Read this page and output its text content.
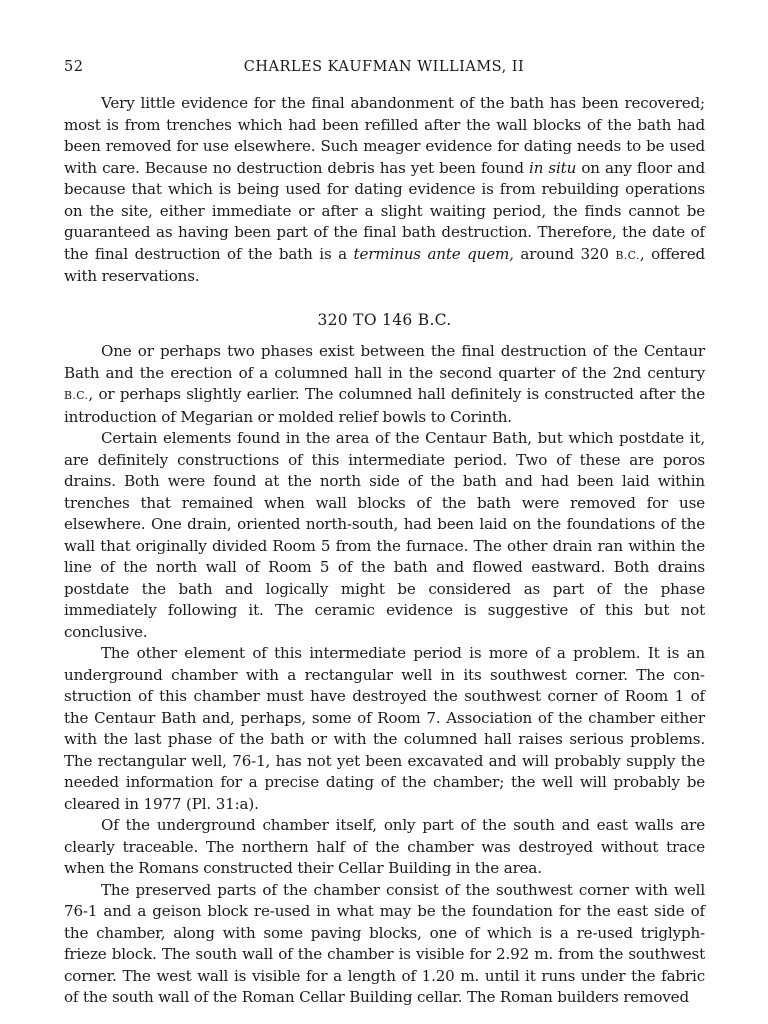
52	CHARLES KAUFMAN WILLIAMS, II

Very little evidence for the final abandonment of the bath has been recovered; most is from trenches which had been refilled after the wall blocks of the bath had been removed for use elsewhere. Such meager evidence for dating needs to be used with care. Because no destruction debris has yet been found in situ on any floor and because that which is being used for dating evidence is from rebuilding operations on the site, either immediate or after a slight waiting period, the finds cannot be guaranteed as having been part of the final bath destruction. Therefore, the date of the final destruction of the bath is a terminus ante quem, around 320 B.C., offered with reservations.

320 TO 146 B.C.

One or perhaps two phases exist between the final destruction of the Centaur Bath and the erection of a columned hall in the second quarter of the 2nd century B.C., or perhaps slightly earlier. The columned hall definitely is constructed after the introduction of Megarian or molded relief bowls to Corinth.

Certain elements found in the area of the Centaur Bath, but which postdate it, are definitely constructions of this intermediate period. Two of these are poros drains. Both were found at the north side of the bath and had been laid within trenches that remained when wall blocks of the bath were removed for use elsewhere. One drain, oriented north-south, had been laid on the foundations of the wall that originally divided Room 5 from the furnace. The other drain ran within the line of the north wall of Room 5 of the bath and flowed eastward. Both drains postdate the bath and logically might be considered as part of the phase immediately following it. The ceramic evidence is suggestive of this but not conclusive.

The other element of this intermediate period is more of a problem. It is an underground chamber with a rectangular well in its southwest corner. The construction of this chamber must have destroyed the southwest corner of Room 1 of the Centaur Bath and, perhaps, some of Room 7. Association of the chamber either with the last phase of the bath or with the columned hall raises serious problems. The rectangular well, 76-1, has not yet been excavated and will probably supply the needed information for a precise dating of the chamber; the well will probably be cleared in 1977 (Pl. 31:a).

Of the underground chamber itself, only part of the south and east walls are clearly traceable. The northern half of the chamber was destroyed without trace when the Romans constructed their Cellar Building in the area.

The preserved parts of the chamber consist of the southwest corner with well 76-1 and a geison block re-used in what may be the foundation for the east side of the chamber, along with some paving blocks, one of which is a re-used triglyph-frieze block. The south wall of the chamber is visible for 2.92 m. from the southwest corner. The west wall is visible for a length of 1.20 m. until it runs under the fabric of the south wall of the Roman Cellar Building cellar. The Roman builders removed
